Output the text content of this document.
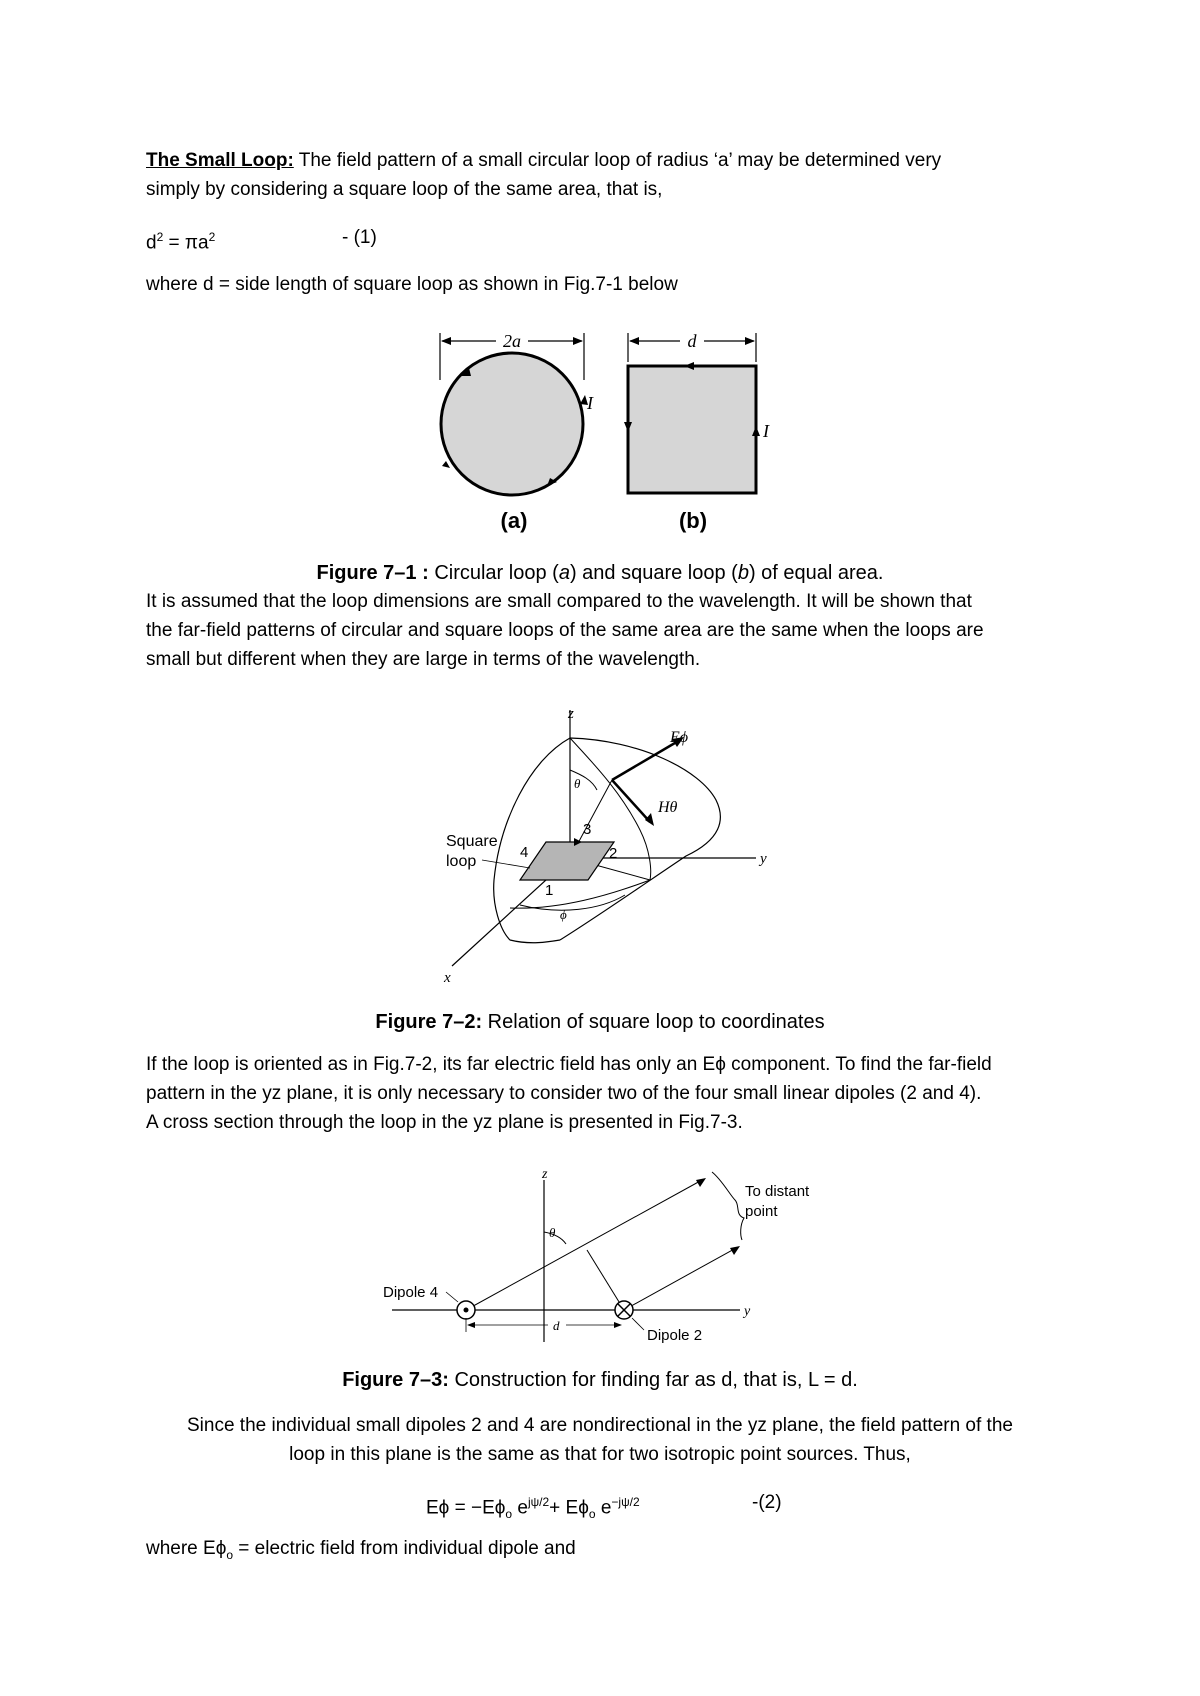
The Small Loop: The field pattern of a small circular loop of radius ‘a’ may be determined very

simply by considering a square loop of the same area, that is,

$d^2 = \pi a^2$	- (1)

where d = side length of square loop as shown in Fig.7-1 below

2a
I
(a)
d
I
(b)

Figure 7–1 : Circular loop (a) and square loop (b) of equal area.

It is assumed that the loop dimensions are small compared to the wavelength. It will be shown that

the far-field patterns of circular and square loops of the same area are the same when the loops are

small but different when they are large in terms of the wavelength.

z
y
x
θ
ϕ
Eϕ
Hθ
3
2
4
1
Square
loop

Figure 7–2: Relation of square loop to coordinates

If the loop is oriented as in Fig.7-2, its far electric field has only an Eϕ component. To find the far-field

pattern in the yz plane, it is only necessary to consider two of the four small linear dipoles (2 and 4).

A cross section through the loop in the yz plane is presented in Fig.7-3.

z
y
θ
To distant
point
Dipole 4
Dipole 2
d

Figure 7–3: Construction for finding far as d, that is, L = d.

Since the individual small dipoles 2 and 4 are nondirectional in the yz plane, the field pattern of the

loop in this plane is the same as that for two isotropic point sources. Thus,

$E\phi = -E\phi_o$ $e^{j\psi/2}+ E\phi_o$ $e^{-j\psi/2}$	-(2)

where $E\phi_o$ = electric field from individual dipole and
